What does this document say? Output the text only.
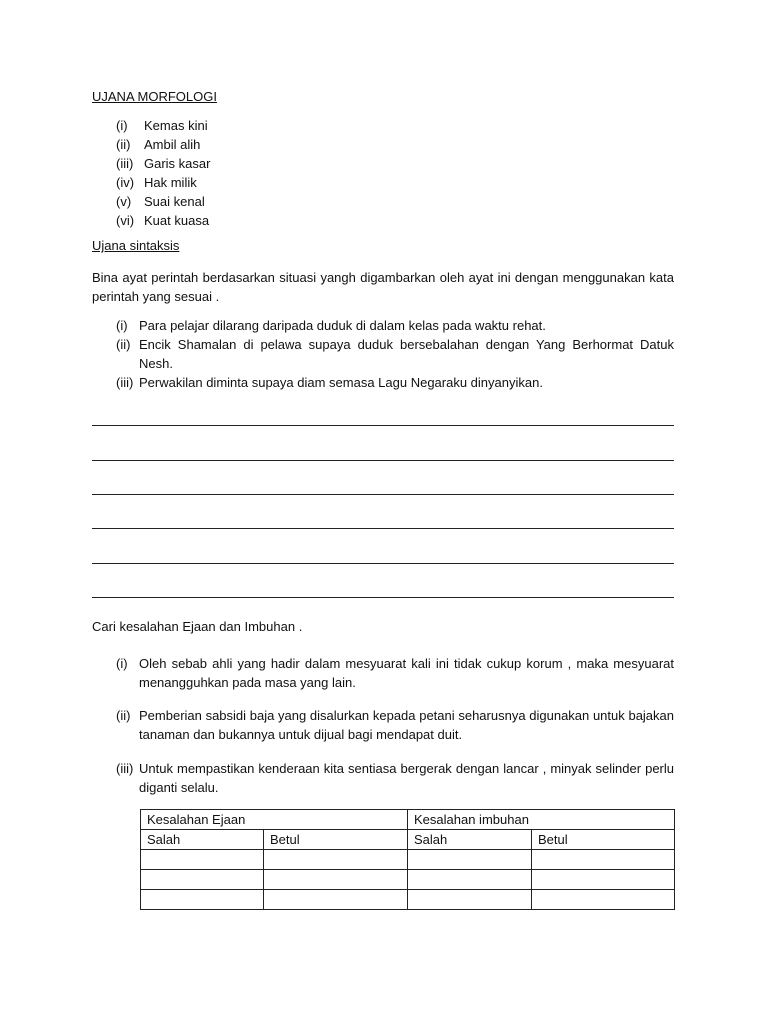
UJANA MORFOLOGI
(i) Kemas kini
(ii) Ambil alih
(iii) Garis kasar
(iv) Hak milik
(v) Suai kenal
(vi) Kuat kuasa
Ujana sintaksis
Bina ayat perintah berdasarkan situasi yangh digambarkan oleh ayat ini dengan menggunakan kata perintah yang sesuai .
(i) Para pelajar dilarang daripada duduk di dalam kelas pada waktu rehat.
(ii) Encik Shamalan di pelawa supaya duduk bersebalahan dengan Yang Berhormat Datuk Nesh.
(iii) Perwakilan diminta supaya diam semasa Lagu Negaraku dinyanyikan.
Cari kesalahan Ejaan dan Imbuhan .
(i) Oleh sebab ahli yang hadir dalam mesyuarat kali ini tidak cukup korum , maka mesyuarat menangguhkan pada masa yang lain.
(ii) Pemberian sabsidi baja yang disalurkan kepada petani seharusnya digunakan untuk bajakan tanaman dan bukannya untuk dijual bagi mendapat duit.
(iii) Untuk mempastikan kenderaan kita sentiasa bergerak dengan lancar , minyak selinder perlu diganti selalu.
Kesalahan Ejaan		Kesalahan imbuhan	
Salah	Betul	Salah	Betul
